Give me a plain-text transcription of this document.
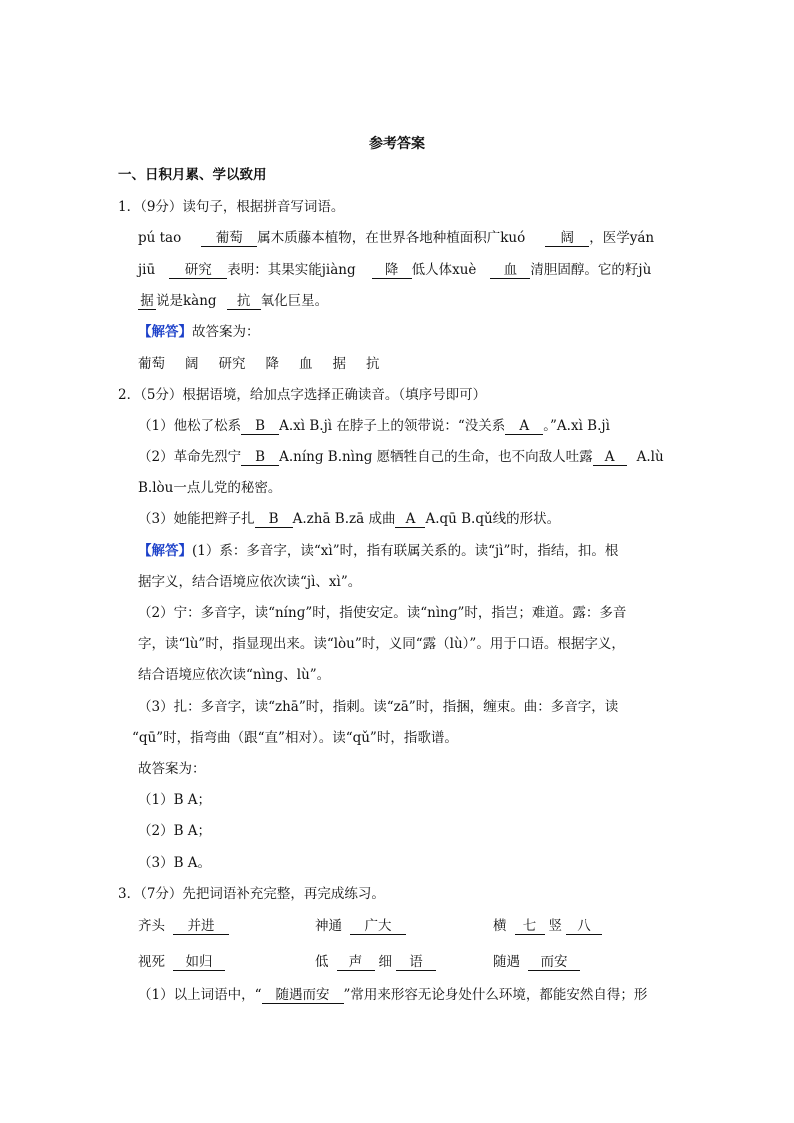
参考答案
一、日积月累、学以致用
1．（9分）读句子，根据拼音写词语。
pú tao	葡萄 属木质藤本植物，在世界各地种植面积广kuó	阔 ，医学yán
jiū 研究 表明：其果实能jiàng 降 低人体xuè 血 清胆固醇。它的籽jù
据 说是kàng 抗 氧化巨星。
【解答】故答案为：
葡萄 阔 研究 降 血 据 抗
2．（5分）根据语境，给加点字选择正确读音。（填序号即可）
（1）他松了松系 B A.xì B.jì 在脖子上的领带说：“没关系 A 。”A.xì B.jì
（2）革命先烈宁 B A.nínɡ B.nìnɡ 愿牺牲自己的生命，也不向敌人吐露 A A.lù
B.lòu一点儿党的秘密。
（3）她能把辫子扎 B A.zhā B.zā 成曲 A A.qū B.qǔ线的形状。
【解答】(1）系：多音字，读“xì”时，指有联属关系的。读“jì”时，指结，扣。根
据字义，结合语境应依次读“jì、xì”。
（2）宁：多音字，读“nínɡ”时，指使安定。读“nìnɡ”时，指岂；难道。露：多音
字，读“lù”时，指显现出来。读“lòu”时，义同“露（lù）”。用于口语。根据字义，
结合语境应依次读“nìnɡ、lù”。
（3）扎：多音字，读“zhā”时，指刺。读“zā”时，指捆，缠束。曲：多音字，读
“qū”时，指弯曲（跟“直”相对）。读“qǔ”时，指歌谱。
故答案为：
（1）B A；
（2）B A；
（3）B A。
3．（7分）先把词语补充完整，再完成练习。
齐头 并进	神通 广大	横 七 竖 八
视死 如归	低 声 细 语	随遇 而安
（1）以上词语中，“ 随遇而安 ”常用来形容无论身处什么环境，都能安然自得；形
